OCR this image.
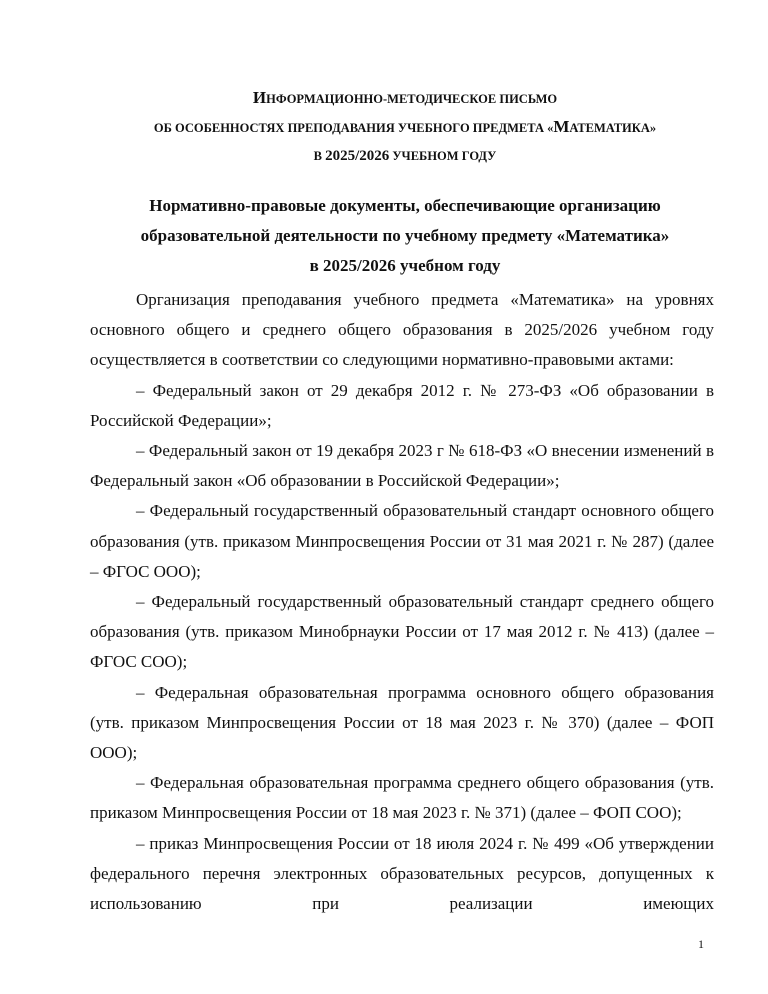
ИНФОРМАЦИОННО-МЕТОДИЧЕСКОЕ ПИСЬМО
ОБ ОСОБЕННОСТЯХ ПРЕПОДАВАНИЯ УЧЕБНОГО ПРЕДМЕТА «МАТЕМАТИКА»
В 2025/2026 УЧЕБНОМ ГОДУ
Нормативно-правовые документы, обеспечивающие организацию
образовательной деятельности по учебному предмету «Математика»
в 2025/2026 учебном году

Организация преподавания учебного предмета «Математика» на уровнях основного общего и среднего общего образования в 2025/2026 учебном году осуществляется в соответствии со следующими нормативно-правовыми актами:

– Федеральный закон от 29 декабря 2012 г. № 273-ФЗ «Об образовании в Российской Федерации»;

– Федеральный закон от 19 декабря 2023 г № 618-ФЗ «О внесении изменений в Федеральный закон «Об образовании в Российской Федерации»;

– Федеральный государственный образовательный стандарт основного общего образования (утв. приказом Минпросвещения России от 31 мая 2021 г. № 287) (далее – ФГОС ООО);

– Федеральный государственный образовательный стандарт среднего общего образования (утв. приказом Минобрнауки России от 17 мая 2012 г. № 413) (далее – ФГОС СОО);

– Федеральная образовательная программа основного общего образования (утв. приказом Минпросвещения России от 18 мая 2023 г. № 370) (далее – ФОП ООО);

– Федеральная образовательная программа среднего общего образования (утв. приказом Минпросвещения России от 18 мая 2023 г. № 371) (далее – ФОП СОО);

– приказ Минпросвещения России от 18 июля 2024 г. № 499 «Об утверждении федерального перечня электронных образовательных ресурсов, допущенных к использованию при реализации имеющих

1
